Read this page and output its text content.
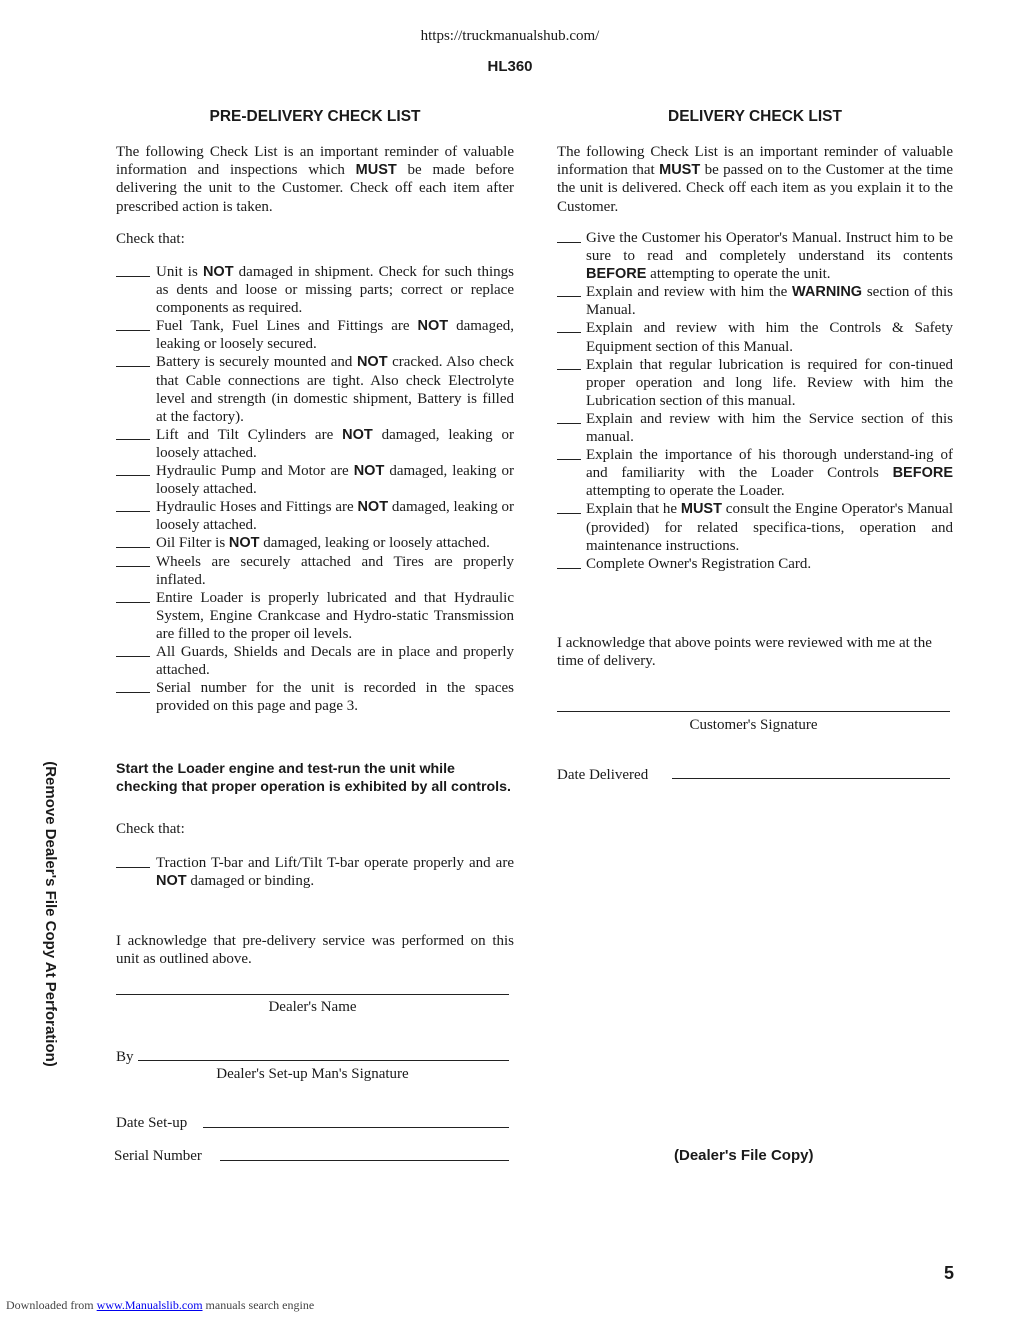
https://truckmanualshub.com/
HL360
(Remove Dealer's File Copy At Perforation)
PRE-DELIVERY CHECK LIST
The following Check List is an important reminder of valuable information and inspections which MUST be made before delivering the unit to the Customer. Check off each item after prescribed action is taken.
Check that:
Unit is NOT damaged in shipment. Check for such things as dents and loose or missing parts; correct or replace components as required.
Fuel Tank, Fuel Lines and Fittings are NOT damaged, leaking or loosely secured.
Battery is securely mounted and NOT cracked. Also check that Cable connections are tight. Also check Electrolyte level and strength (in domestic shipment, Battery is filled at the factory).
Lift and Tilt Cylinders are NOT damaged, leaking or loosely attached.
Hydraulic Pump and Motor are NOT damaged, leaking or loosely attached.
Hydraulic Hoses and Fittings are NOT damaged, leaking or loosely attached.
Oil Filter is NOT damaged, leaking or loosely attached.
Wheels are securely attached and Tires are properly inflated.
Entire Loader is properly lubricated and that Hydraulic System, Engine Crankcase and Hydro-static Transmission are filled to the proper oil levels.
All Guards, Shields and Decals are in place and properly attached.
Serial number for the unit is recorded in the spaces provided on this page and page 3.
Start the Loader engine and test-run the unit while checking that proper operation is exhibited by all controls.
Check that:
Traction T-bar and Lift/Tilt T-bar operate properly and are NOT damaged or binding.
I acknowledge that pre-delivery service was performed on this unit as outlined above.
Dealer's Name
By
Dealer's Set-up Man's Signature
Date Set-up
Serial Number
DELIVERY CHECK LIST
The following Check List is an important reminder of valuable information that MUST be passed on to the Customer at the time the unit is delivered. Check off each item as you explain it to the Customer.
Give the Customer his Operator's Manual. Instruct him to be sure to read and completely understand its contents BEFORE attempting to operate the unit.
Explain and review with him the WARNING section of this Manual.
Explain and review with him the Controls & Safety Equipment section of this Manual.
Explain that regular lubrication is required for con-tinued proper operation and long life. Review with him the Lubrication section of this manual.
Explain and review with him the Service section of this manual.
Explain the importance of his thorough understand-ing of and familiarity with the Loader Controls BEFORE attempting to operate the Loader.
Explain that he MUST consult the Engine Operator's Manual (provided) for related specifica-tions, operation and maintenance instructions.
Complete Owner's Registration Card.
I acknowledge that above points were reviewed with me at the time of delivery.
Customer's Signature
Date Delivered
(Dealer's File Copy)
5
Downloaded from www.Manualslib.com manuals search engine
